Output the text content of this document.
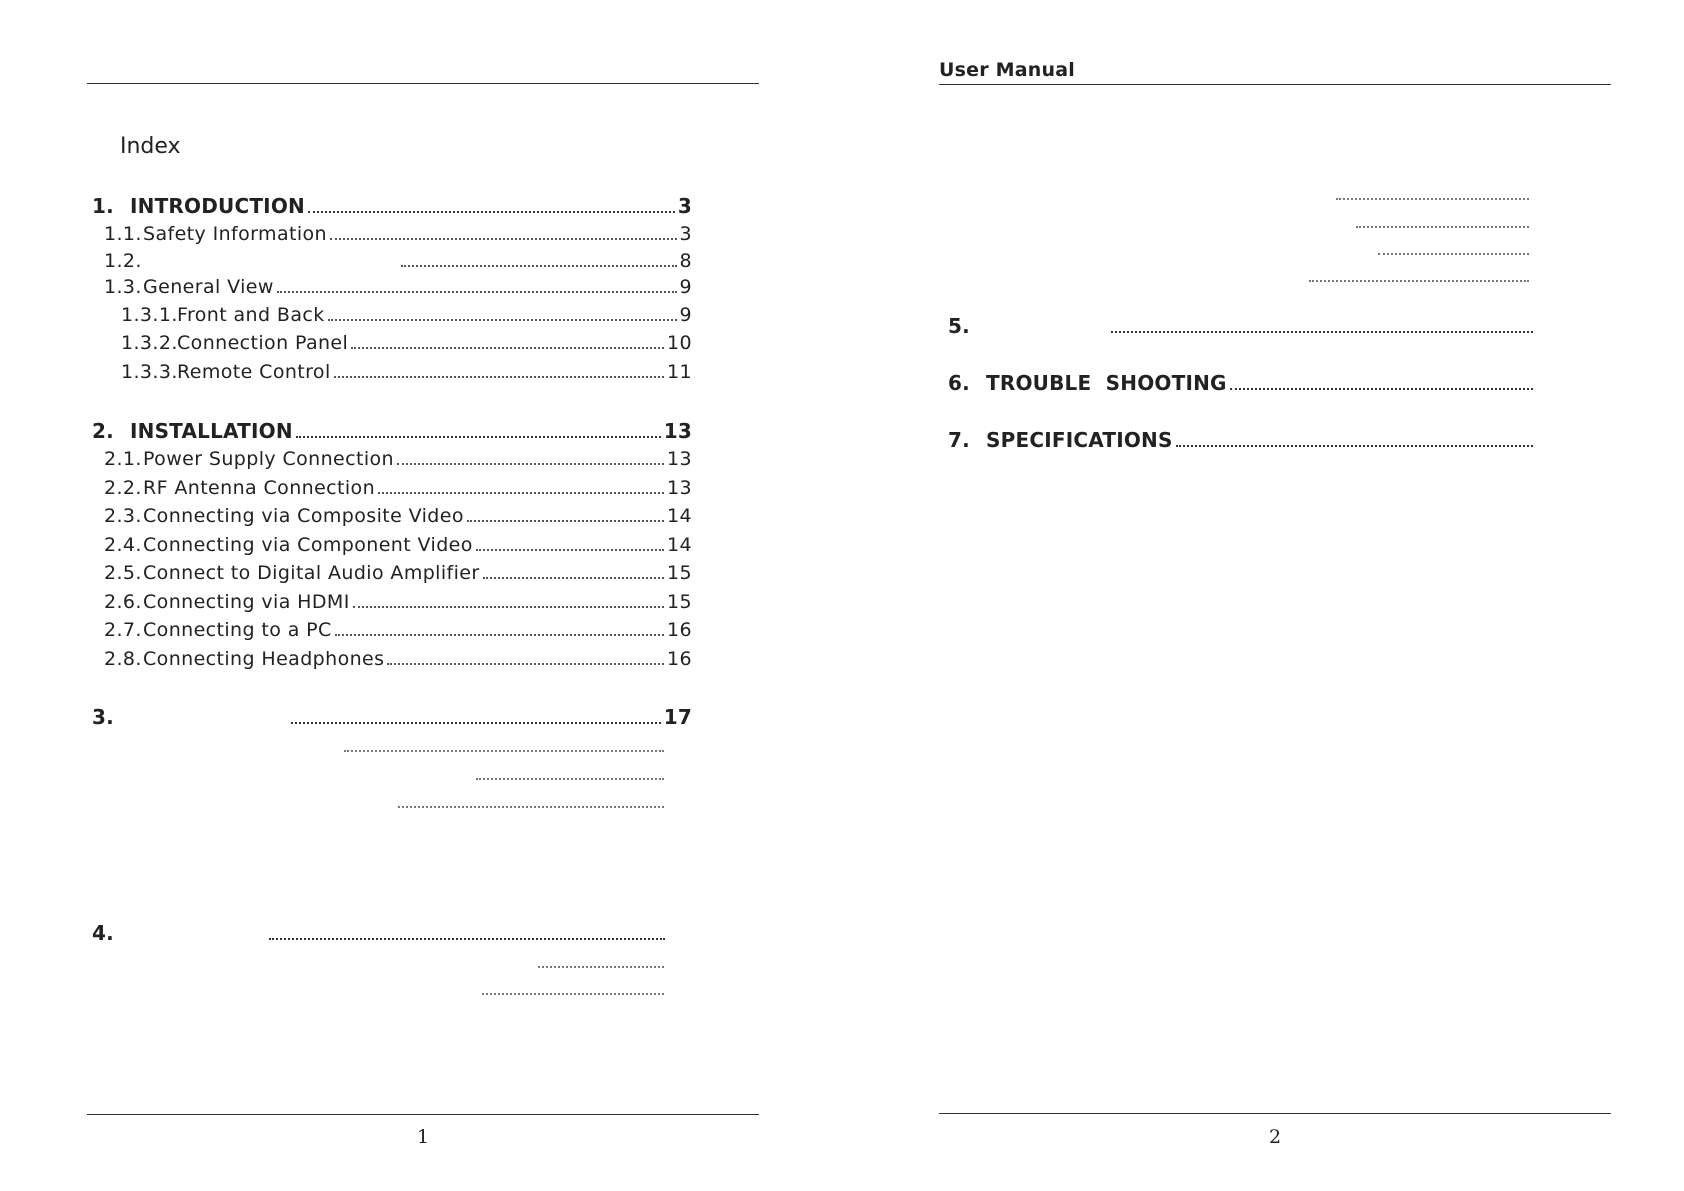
Index
1. INTRODUCTION	3
1.1. Safety Information	3
1.2.	8
1.3. General View	9
1.3.1. Front and Back	9
1.3.2. Connection Panel	10
1.3.3. Remote Control	11
2. INSTALLATION	13
2.1. Power Supply Connection	13
2.2. RF Antenna Connection	13
2.3. Connecting via Composite Video	14
2.4. Connecting via Component Video	14
2.5. Connect to Digital Audio Amplifier	15
2.6. Connecting via HDMI	15
2.7. Connecting to a PC	16
2.8. Connecting Headphones	16
3.	17
4.
1
User Manual
5.
6. TROUBLE  SHOOTING
7. SPECIFICATIONS
2
